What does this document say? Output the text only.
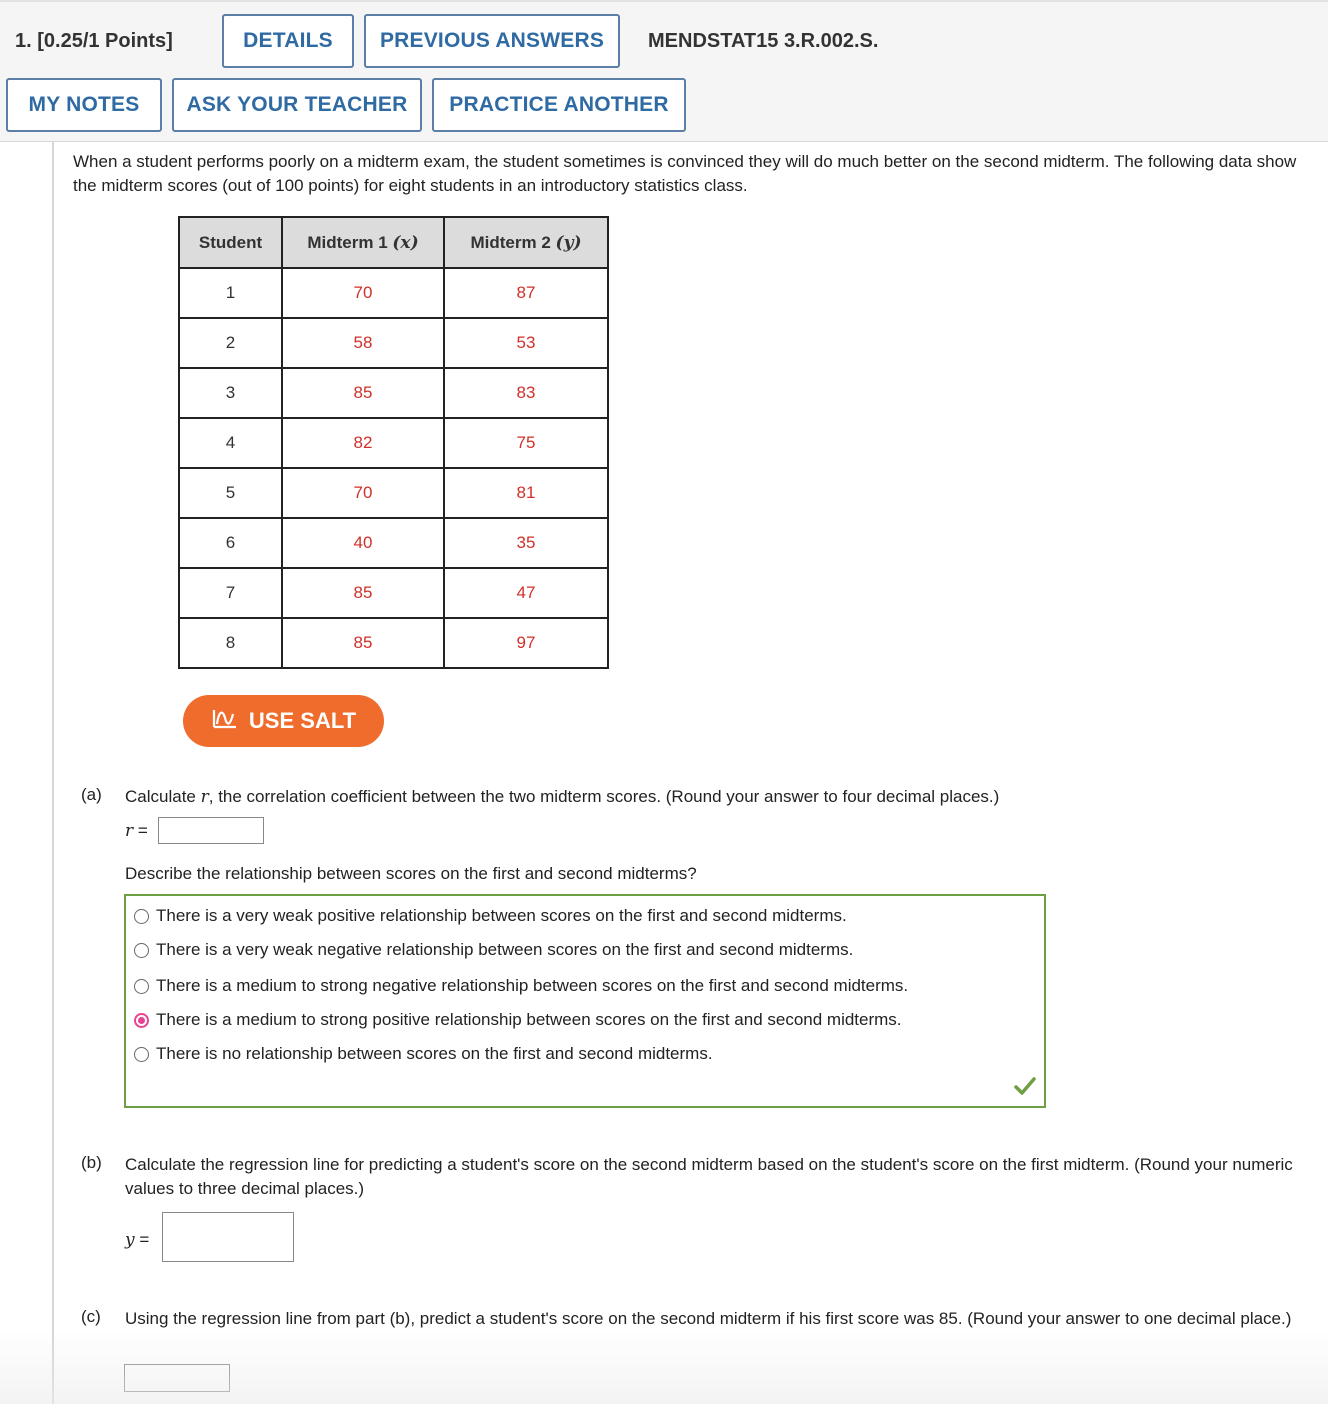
1. [0.25/1 Points]	DETAILS	PREVIOUS ANSWERS	MENDSTAT15 3.R.002.S.
MY NOTES	ASK YOUR TEACHER	PRACTICE ANOTHER
When a student performs poorly on a midterm exam, the student sometimes is convinced they will do much better on the second midterm. The following data show the midterm scores (out of 100 points) for eight students in an introductory statistics class.
Student	Midterm 1 (x)	Midterm 2 (y)
1	70	87
2	58	53
3	85	83
4	82	75
5	70	81
6	40	35
7	85	47
8	85	97
USE SALT
(a) Calculate r, the correlation coefficient between the two midterm scores. (Round your answer to four decimal places.)
r =
Describe the relationship between scores on the first and second midterms?
There is a very weak positive relationship between scores on the first and second midterms.
There is a very weak negative relationship between scores on the first and second midterms.
There is a medium to strong negative relationship between scores on the first and second midterms.
There is a medium to strong positive relationship between scores on the first and second midterms.
There is no relationship between scores on the first and second midterms.
(b) Calculate the regression line for predicting a student's score on the second midterm based on the student's score on the first midterm. (Round your numeric values to three decimal places.)
y =
(c) Using the regression line from part (b), predict a student's score on the second midterm if his first score was 85. (Round your answer to one decimal place.)
